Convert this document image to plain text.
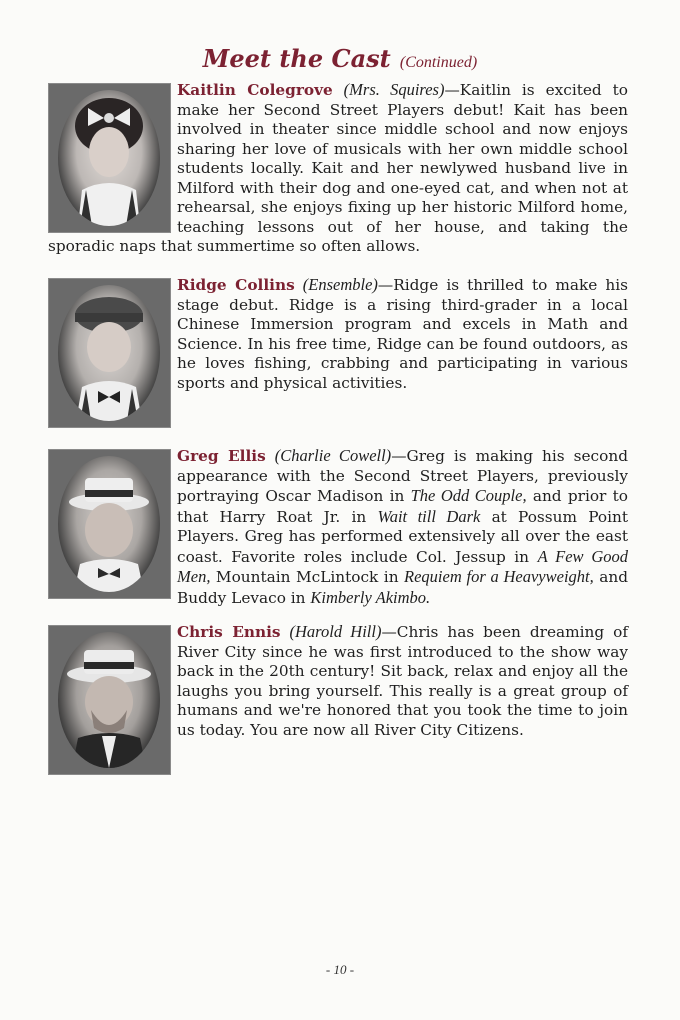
Meet the Cast (Continued)

Kaitlin Colegrove (Mrs. Squires)—Kaitlin is excited to make her Second Street Players debut! Kait has been involved in theater since middle school and now enjoys sharing her love of musicals with her own middle school students locally. Kait and her newlywed husband live in Milford with their dog and one-eyed cat, and when not at rehearsal, she enjoys fixing up her historic Milford home, teaching lessons out of her house, and taking the sporadic naps that summertime so often allows.

Ridge Collins (Ensemble)—Ridge is thrilled to make his stage debut. Ridge is a rising third-grader in a local Chinese Immersion program and excels in Math and Science. In his free time, Ridge can be found outdoors, as he loves fishing, crabbing and participating in various sports and physical activities.

Greg Ellis (Charlie Cowell)—Greg is making his second appearance with the Second Street Players, previously portraying Oscar Madison in The Odd Couple, and prior to that Harry Roat Jr. in Wait till Dark at Possum Point Players. Greg has performed extensively all over the east coast. Favorite roles include Col. Jessup in A Few Good Men, Mountain McLintock in Requiem for a Heavyweight, and Buddy Levaco in Kimberly Akimbo.

Chris Ennis (Harold Hill)—Chris has been dreaming of River City since he was first introduced to the show way back in the 20th century! Sit back, relax and enjoy all the laughs you bring yourself. This really is a great group of humans and we're honored that you took the time to join us today. You are now all River City Citizens.

- 10 -
